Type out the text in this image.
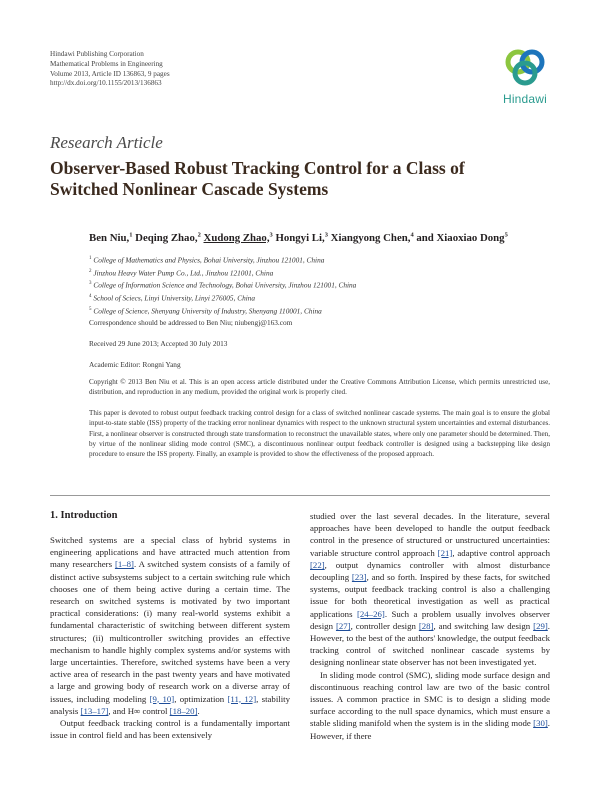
Hindawi Publishing Corporation
Mathematical Problems in Engineering
Volume 2013, Article ID 136863, 9 pages
http://dx.doi.org/10.1155/2013/136863
Hindawi
Research Article
Observer-Based Robust Tracking Control for a Class of
Switched Nonlinear Cascade Systems
Ben Niu,$^1$ Deqing Zhao,$^2$ Xudong Zhao,$^3$ Hongyi Li,$^3$ Xiangyong Chen,$^4$ and Xiaoxiao Dong$^5$
$^1$ College of Mathematics and Physics, Bohai University, Jinzhou 121001, China
$^2$ Jinzhou Heavy Water Pump Co., Ltd., Jinzhou 121001, China
$^3$ College of Information Science and Technology, Bohai University, Jinzhou 121001, China
$^4$ School of Sciecs, Linyi University, Linyi 276005, China
$^5$ College of Science, Shenyang University of Industry, Shenyang 110001, China
Correspondence should be addressed to Ben Niu; niubengj@163.com
Received 29 June 2013; Accepted 30 July 2013
Academic Editor: Rongni Yang
Copyright © 2013 Ben Niu et al. This is an open access article distributed under the Creative Commons Attribution License, which permits unrestricted use, distribution, and reproduction in any medium, provided the original work is properly cited.
This paper is devoted to robust output feedback tracking control design for a class of switched nonlinear cascade systems. The main goal is to ensure the global input-to-state stable (ISS) property of the tracking error nonlinear dynamics with respect to the unknown structural system uncertainties and external disturbances. First, a nonlinear observer is constructed through state transformation to reconstruct the unavailable states, where only one parameter should be determined. Then, by virtue of the nonlinear sliding mode control (SMC), a discontinuous nonlinear output feedback controller is designed using a backstepping like design procedure to ensure the ISS property. Finally, an example is provided to show the effectiveness of the proposed approach.
1. Introduction

Switched systems are a special class of hybrid systems in engineering applications and have attracted much attention from many researchers [1–8]. A switched system consists of a family of distinct active subsystems subject to a certain switching rule which chooses one of them being active during a certain time. The research on switched systems is motivated by two important practical considerations: (i) many real-world systems exhibit a fundamental characteristic of switching between different system structures; (ii) multicontroller switching provides an effective mechanism to handle highly complex systems and/or systems with large uncertainties. Therefore, switched systems have been a very active area of research in the past twenty years and have motivated a large and growing body of research work on a diverse array of issues, including modeling [9, 10], optimization [11, 12], stability analysis [13–17], and H∞ control [18–20].

Output feedback tracking control is a fundamentally important issue in control field and has been extensively

studied over the last several decades. In the literature, several approaches have been developed to handle the output feedback control in the presence of structured or unstructured uncertainties: variable structure control approach [21], adaptive control approach [22], output dynamics controller with almost disturbance decoupling [23], and so forth. Inspired by these facts, for switched systems, output feedback tracking control is also a challenging issue for both theoretical investigation as well as practical applications [24–26]. Such a problem usually involves observer design [27], controller design [28], and switching law design [29]. However, to the best of the authors' knowledge, the output feedback tracking control of switched nonlinear cascade systems by designing nonlinear state observer has not been investigated yet.

In sliding mode control (SMC), sliding mode surface design and discontinuous reaching control law are two of the basic control issues. A common practice in SMC is to design a sliding mode surface according to the null space dynamics, which must ensure a stable sliding manifold when the system is in the sliding mode [30]. However, if there
